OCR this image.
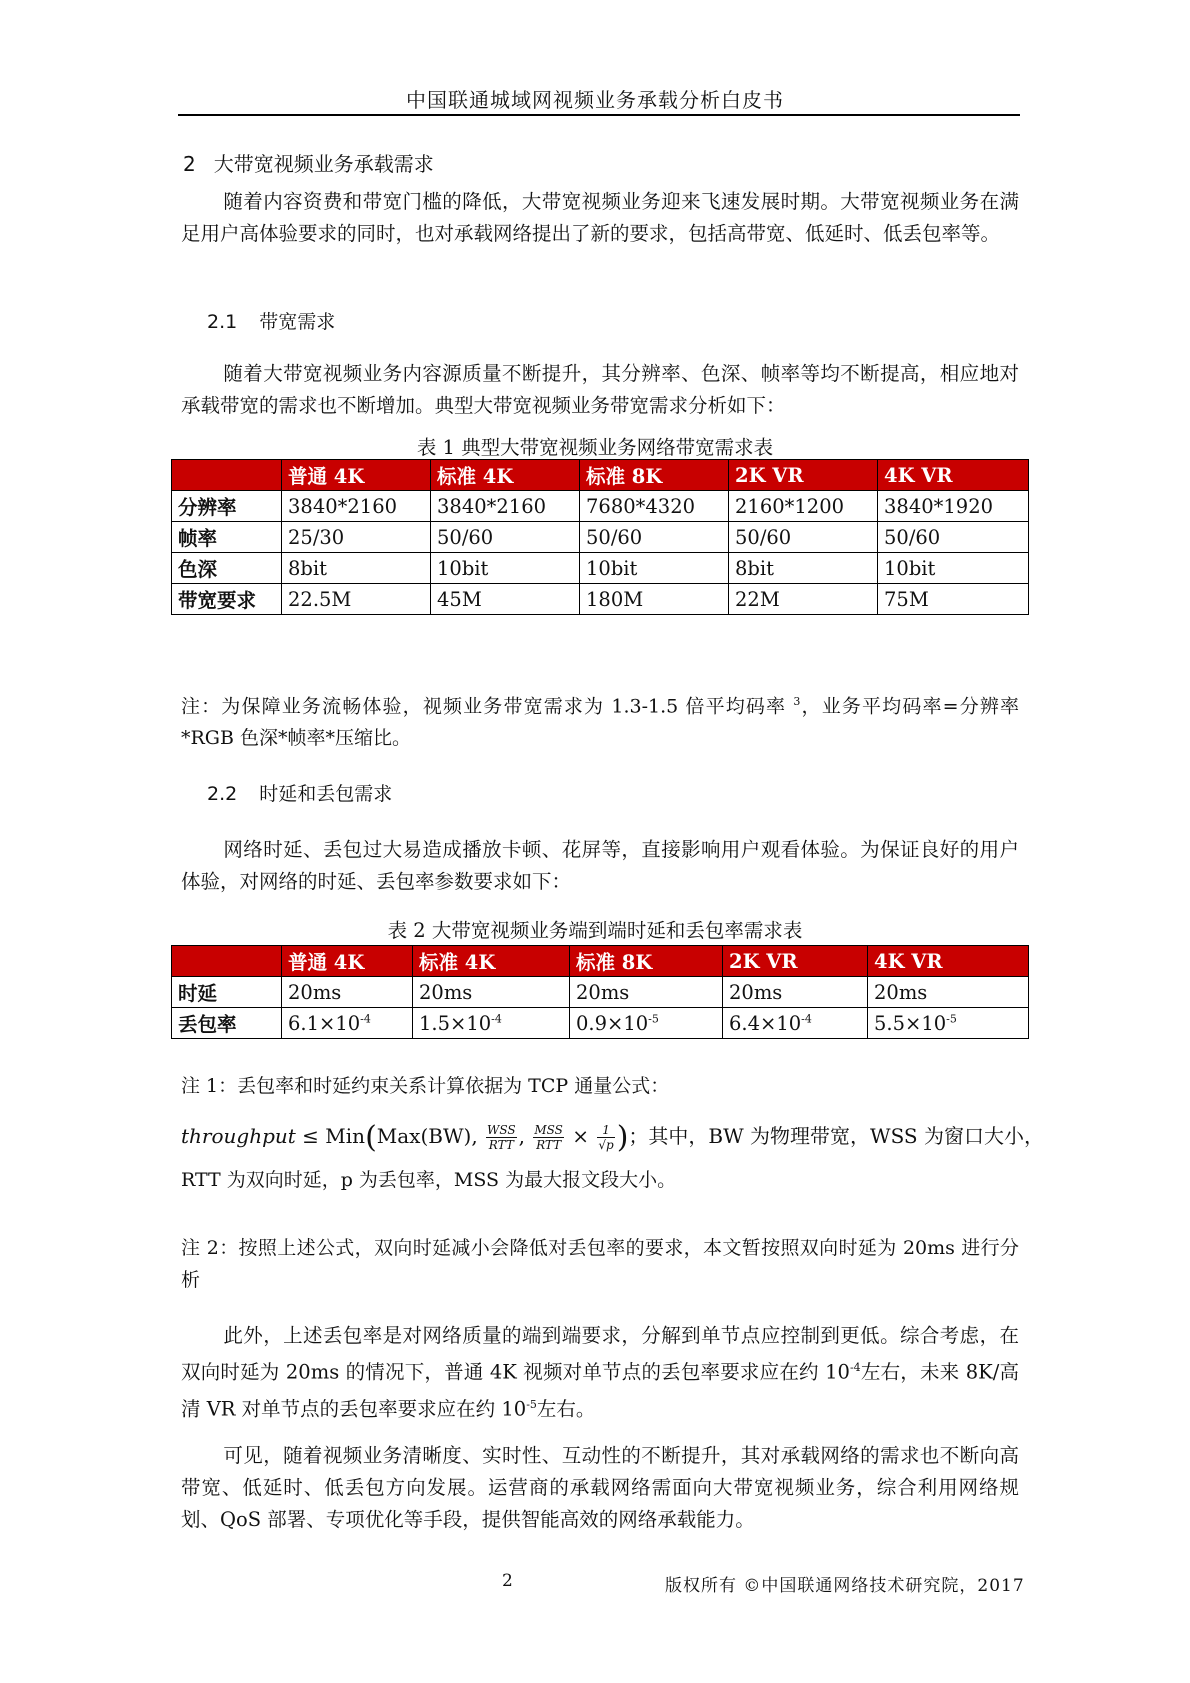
中国联通城域网视频业务承载分析白皮书
2 大带宽视频业务承载需求
随着内容资费和带宽门槛的降低，大带宽视频业务迎来飞速发展时期。大带宽视频业务在满足用户高体验要求的同时，也对承载网络提出了新的要求，包括高带宽、低延时、低丢包率等。
2.1 带宽需求
随着大带宽视频业务内容源质量不断提升，其分辨率、色深、帧率等均不断提高，相应地对承载带宽的需求也不断增加。典型大带宽视频业务带宽需求分析如下：
表 1 典型大带宽视频业务网络带宽需求表
	普通 4K	标准 4K	标准 8K	2K VR	4K VR
分辨率	3840*2160	3840*2160	7680*4320	2160*1200	3840*1920
帧率	25/30	50/60	50/60	50/60	50/60
色深	8bit	10bit	10bit	8bit	10bit
带宽要求	22.5M	45M	180M	22M	75M
注：为保障业务流畅体验，视频业务带宽需求为 1.3-1.5 倍平均码率 $^3$，业务平均码率=分辨率*RGB 色深*帧率*压缩比。
2.2 时延和丢包需求
网络时延、丢包过大易造成播放卡顿、花屏等，直接影响用户观看体验。为保证良好的用户体验，对网络的时延、丢包率参数要求如下：
表 2 大带宽视频业务端到端时延和丢包率需求表
	普通 4K	标准 4K	标准 8K	2K VR	4K VR
时延	20ms	20ms	20ms	20ms	20ms
丢包率	$6.1\times 10^{-4}$	$1.5\times 10^{-4}$	$0.9\times 10^{-5}$	$6.4\times 10^{-4}$	$5.5\times 10^{-5}$
注 1：丢包率和时延约束关系计算依据为 TCP 通量公式：
throughput ≤ Min(Max(BW), $\frac{\text{WSS}}{\text{RTT}}$ , $\frac{\text{MSS}}{\text{RTT}} \times \frac{1}{√p}$ )；其中，BW 为物理带宽，WSS 为窗口大小，
RTT 为双向时延，p 为丢包率，MSS 为最大报文段大小。
注 2：按照上述公式，双向时延减小会降低对丢包率的要求，本文暂按照双向时延为 20ms 进行分析
此外，上述丢包率是对网络质量的端到端要求，分解到单节点应控制到更低。综合考虑，在双向时延为 20ms 的情况下，普通 4K 视频对单节点的丢包率要求应在约 $10^{-4}$左右，未来 8K/高清 VR 对单节点的丢包率要求应在约 $10^{-5}$左右。
可见，随着视频业务清晰度、实时性、互动性的不断提升，其对承载网络的需求也不断向高带宽、低延时、低丢包方向发展。运营商的承载网络需面向大带宽视频业务，综合利用网络规划、QoS 部署、专项优化等手段，提供智能高效的网络承载能力。
2	版权所有 ©中国联通网络技术研究院，2017
